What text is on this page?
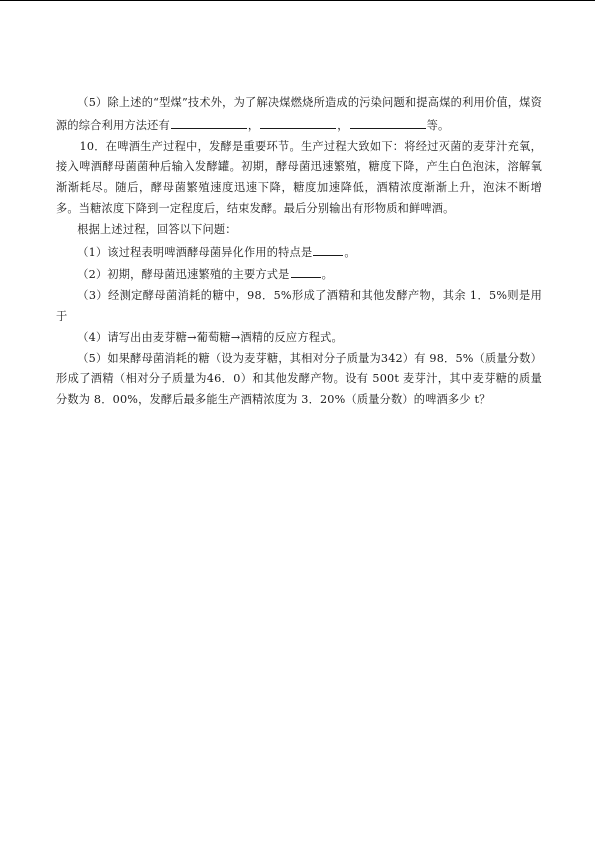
（5）除上述的“型煤”技术外，为了解决煤燃烧所造成的污染问题和提高煤的利用价值，煤资源的综合利用方法还有	，	，	等。

10．在啤酒生产过程中，发酵是重要环节。生产过程大致如下：将经过灭菌的麦芽汁充氧，接入啤酒酵母菌菌种后输入发酵罐。初期，酵母菌迅速繁殖，糖度下降，产生白色泡沫，溶解氧渐渐耗尽。随后，酵母菌繁殖速度迅速下降，糖度加速降低，酒精浓度渐渐上升，泡沫不断增多。当糖浓度下降到一定程度后，结束发酵。最后分别输出有形物质和鲜啤酒。

根据上述过程，回答以下问题：

（1）该过程表明啤酒酵母菌异化作用的特点是	。

（2）初期，酵母菌迅速繁殖的主要方式是	。

（3）经测定酵母菌消耗的糖中，98．5%形成了酒精和其他发酵产物，其余 1．5%则是用于

（4）请写出由麦芽糖→葡萄糖→酒精的反应方程式。

（5）如果酵母菌消耗的糖（设为麦芽糖，其相对分子质量为342）有 98．5%（质量分数）形成了酒精（相对分子质量为46．0）和其他发酵产物。设有 500t 麦芽汁，其中麦芽糖的质量分数为 8．00%，发酵后最多能生产酒精浓度为 3．20%（质量分数）的啤酒多少 t？
